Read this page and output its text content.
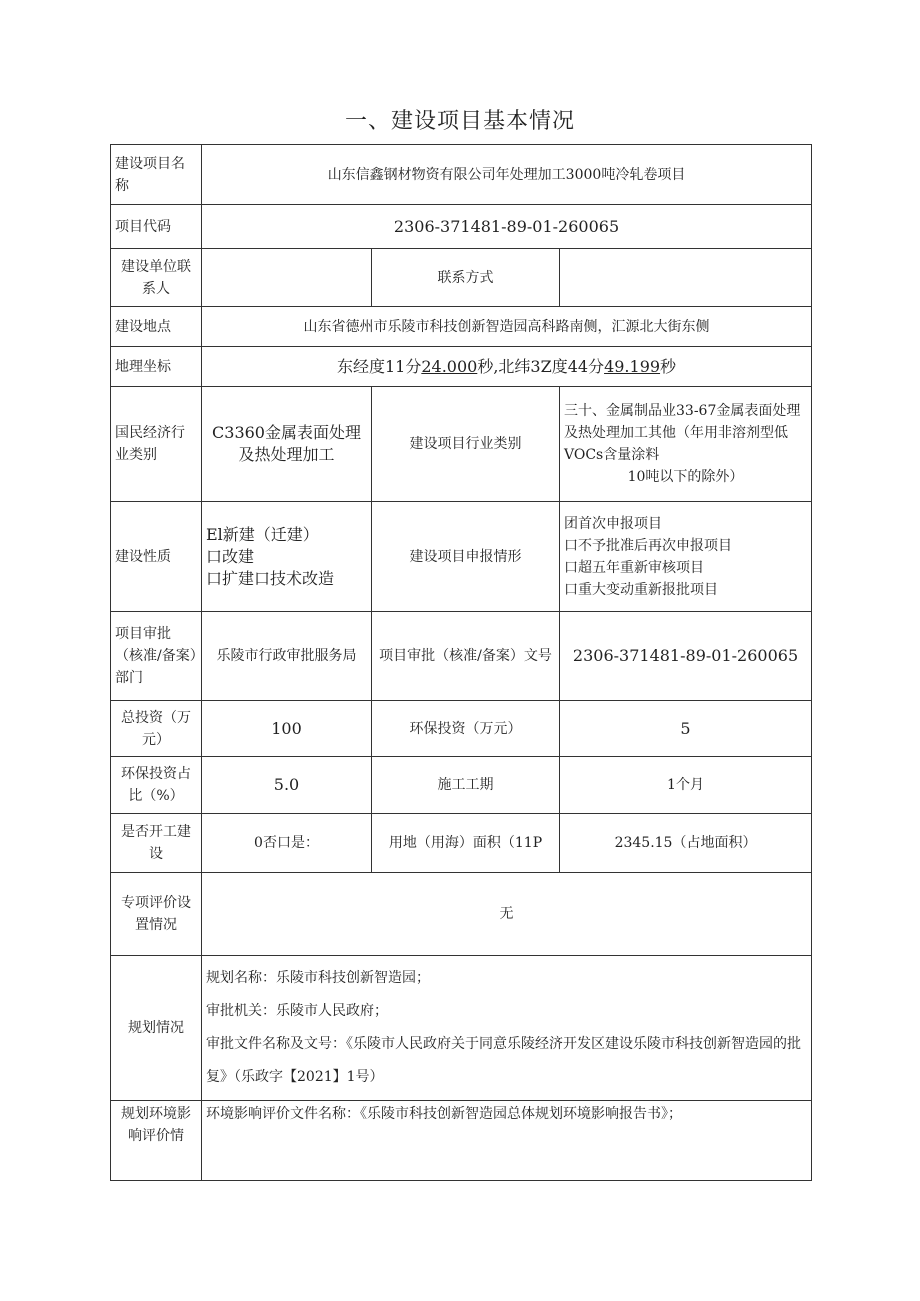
一、建设项目基本情况
建设项目名称	山东信鑫钢材物资有限公司年处理加工3000吨冷轧卷项目		
项目代码	2306-371481-89-01-260065		
建设单位联系人		联系方式	
建设地点	山东省德州市乐陵市科技创新智造园高科路南侧，汇源北大街东侧		
地理坐标	东经度11分24.000秒,北纬3Z度44分49.199秒		
国民经济行业类别	C3360金属表面处理及热处理加工	建设项目行业类别	三十、金属制品业33-67金属表面处理及热处理加工其他（年用非溶剂型低VOCs含量涂料
10吨以下的除外）

建设性质	El新建（迁建）
口改建
口扩建口技术改造	建设项目申报情形	团首次申报项目
口不予批准后再次申报项目
口超五年重新审核项目
口重大变动重新报批项目

项目审批（核准/备案）部门	乐陵市行政审批服务局	项目审批（核准/备案）文号	2306-371481-89-01-260065
总投资（万元）	100	环保投资（万元）	5
环保投资占比（%）	5.0	施工工期	1个月
是否开工建设	0否口是：	用地（用海）面积（11P	2345.15（占地面积）
专项评价设置情况	无		
规划情况	规划名称：乐陵市科技创新智造园；
审批机关：乐陵市人民政府；
审批文件名称及文号：《乐陵市人民政府关于同意乐陵经济开发区建设乐陵市科技创新智造园的批复》（乐政字【2021】1号）		

规划环境影响评价情	环境影响评价文件名称：《乐陵市科技创新智造园总体规划环境影响报告书》；		
